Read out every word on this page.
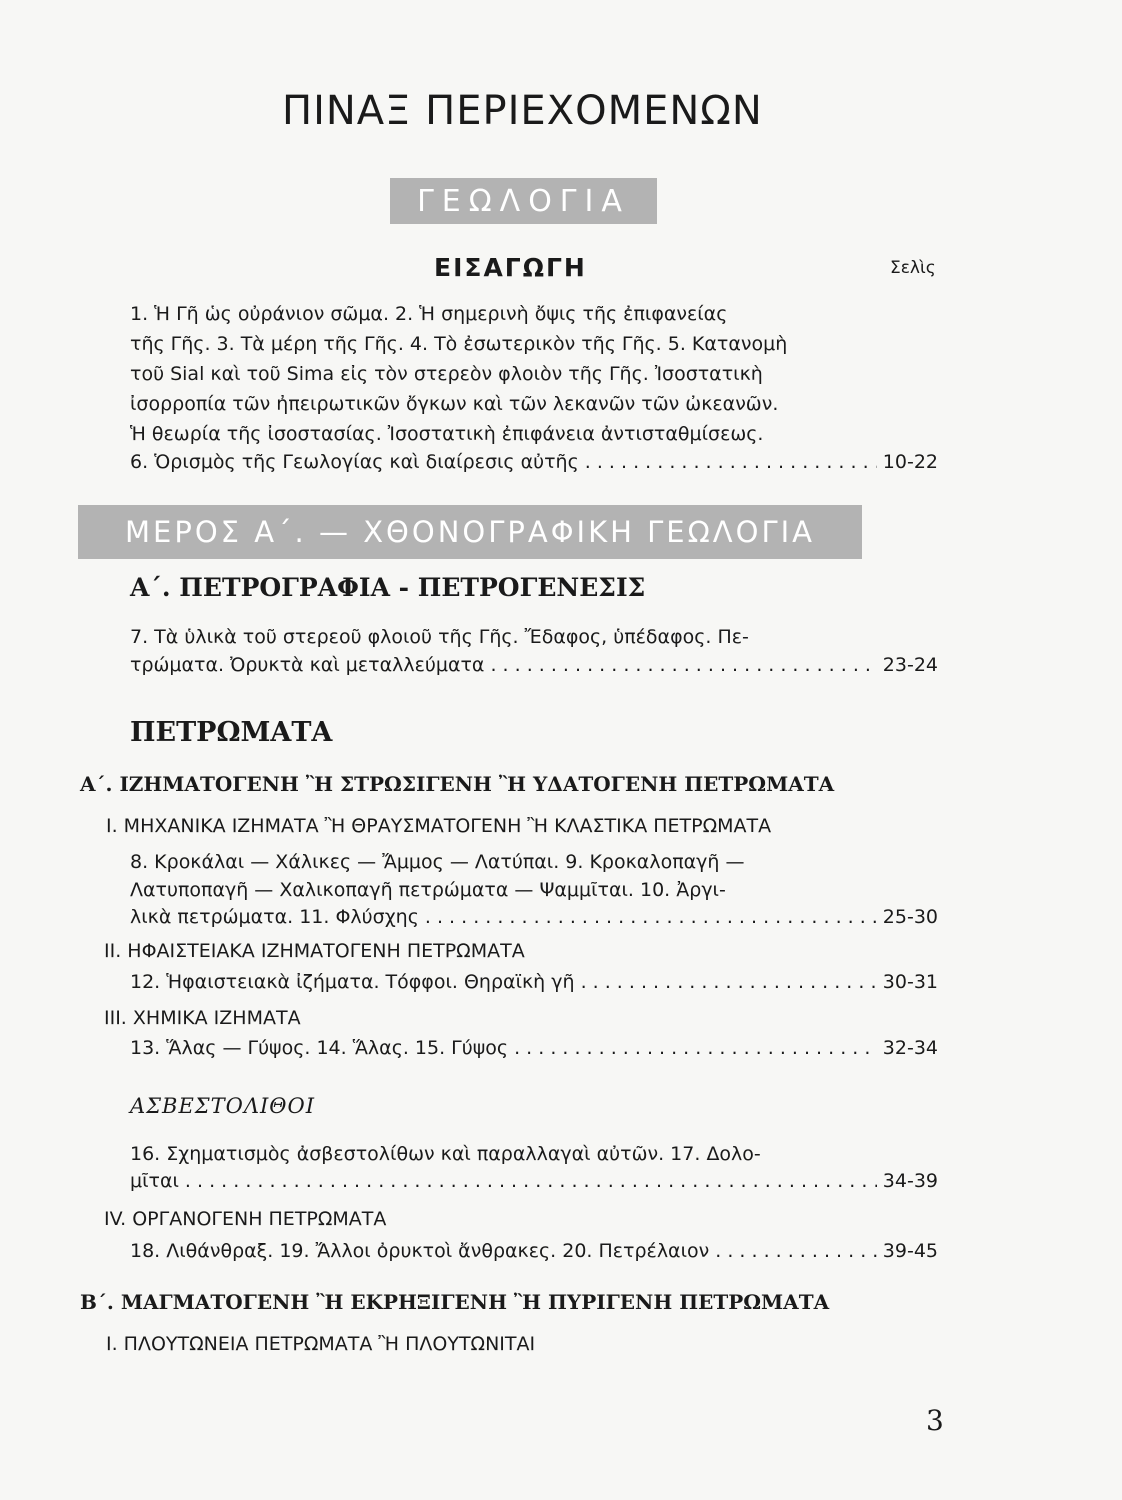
ΠΙΝΑΞ ΠΕΡΙΕΧΟΜΕΝΩΝ
ΓΕΩΛΟΓΙΑ
ΕΙΣΑΓΩΓΗ	Σελὶς
1. Ἡ Γῆ ὡς οὐράνιον σῶμα. 2. Ἡ σημερινὴ ὄψις τῆς ἐπιφανείας
τῆς Γῆς. 3. Τὰ μέρη τῆς Γῆς. 4. Τὸ ἐσωτερικὸν τῆς Γῆς. 5. Κατανομὴ
τοῦ Sial καὶ τοῦ Sima εἰς τὸν στερεὸν φλοιὸν τῆς Γῆς. Ἰσοστατικὴ
ἰσορροπία τῶν ἠπειρωτικῶν ὄγκων καὶ τῶν λεκανῶν τῶν ὠκεανῶν.
Ἡ θεωρία τῆς ἰσοστασίας. Ἰσοστατικὴ ἐπιφάνεια ἀντισταθμίσεως.
6. Ὁρισμὸς τῆς Γεωλογίας καὶ διαίρεσις αὐτῆς . . .	10-22
ΜΕΡΟΣ Α΄. — ΧΘΟΝΟΓΡΑΦΙΚΗ ΓΕΩΛΟΓΙΑ
Α΄. ΠΕΤΡΟΓΡΑΦΙΑ - ΠΕΤΡΟΓΕΝΕΣΙΣ
7. Τὰ ὑλικὰ τοῦ στερεοῦ φλοιοῦ τῆς Γῆς. Ἔδαφος, ὑπέδαφος. Πε-
τρώματα. Ὀρυκτὰ καὶ μεταλλεύματα . . .	23-24
ΠΕΤΡΩΜΑΤΑ
Α΄. ΙΖΗΜΑΤΟΓΕΝΗ Ἢ ΣΤΡΩΣΙΓΕΝΗ Ἢ ΥΔΑΤΟΓΕΝΗ ΠΕΤΡΩΜΑΤΑ
Ι. ΜΗΧΑΝΙΚΑ ΙΖΗΜΑΤΑ Ἢ ΘΡΑΥΣΜΑΤΟΓΕΝΗ Ἢ ΚΛΑΣΤΙΚΑ ΠΕΤΡΩΜΑΤΑ
8. Κροκάλαι — Χάλικες — Ἄμμος — Λατύπαι. 9. Κροκαλοπαγῆ —
Λατυποπαγῆ — Χαλικοπαγῆ πετρώματα — Ψαμμῖται. 10. Ἀργι-
λικὰ πετρώματα. 11. Φλύσχης . . .	25-30
ΙΙ. ΗΦΑΙΣΤΕΙΑΚΑ ΙΖΗΜΑΤΟΓΕΝΗ ΠΕΤΡΩΜΑΤΑ
12. Ἡφαιστειακὰ ἰζήματα. Τόφφοι. Θηραϊκὴ γῆ . . .	30-31
ΙΙΙ. ΧΗΜΙΚΑ ΙΖΗΜΑΤΑ
13. Ἅλας — Γύψος. 14. Ἅλας. 15. Γύψος . . .	32-34
ΑΣΒΕΣΤΟΛΙΘΟΙ
16. Σχηματισμὸς ἀσβεστολίθων καὶ παραλλαγαὶ αὐτῶν. 17. Δολο-
μῖται . . .	34-39
IV. ΟΡΓΑΝΟΓΕΝΗ ΠΕΤΡΩΜΑΤΑ
18. Λιθάνθραξ. 19. Ἄλλοι ὀρυκτοὶ ἄνθρακες. 20. Πετρέλαιον . . .	39-45
Β΄. ΜΑΓΜΑΤΟΓΕΝΗ Ἢ ΕΚΡΗΞΙΓΕΝΗ Ἢ ΠΥΡΙΓΕΝΗ ΠΕΤΡΩΜΑΤΑ
Ι. ΠΛΟΥΤΩΝΕΙΑ ΠΕΤΡΩΜΑΤΑ Ἢ ΠΛΟΥΤΩΝΙΤΑΙ
3
